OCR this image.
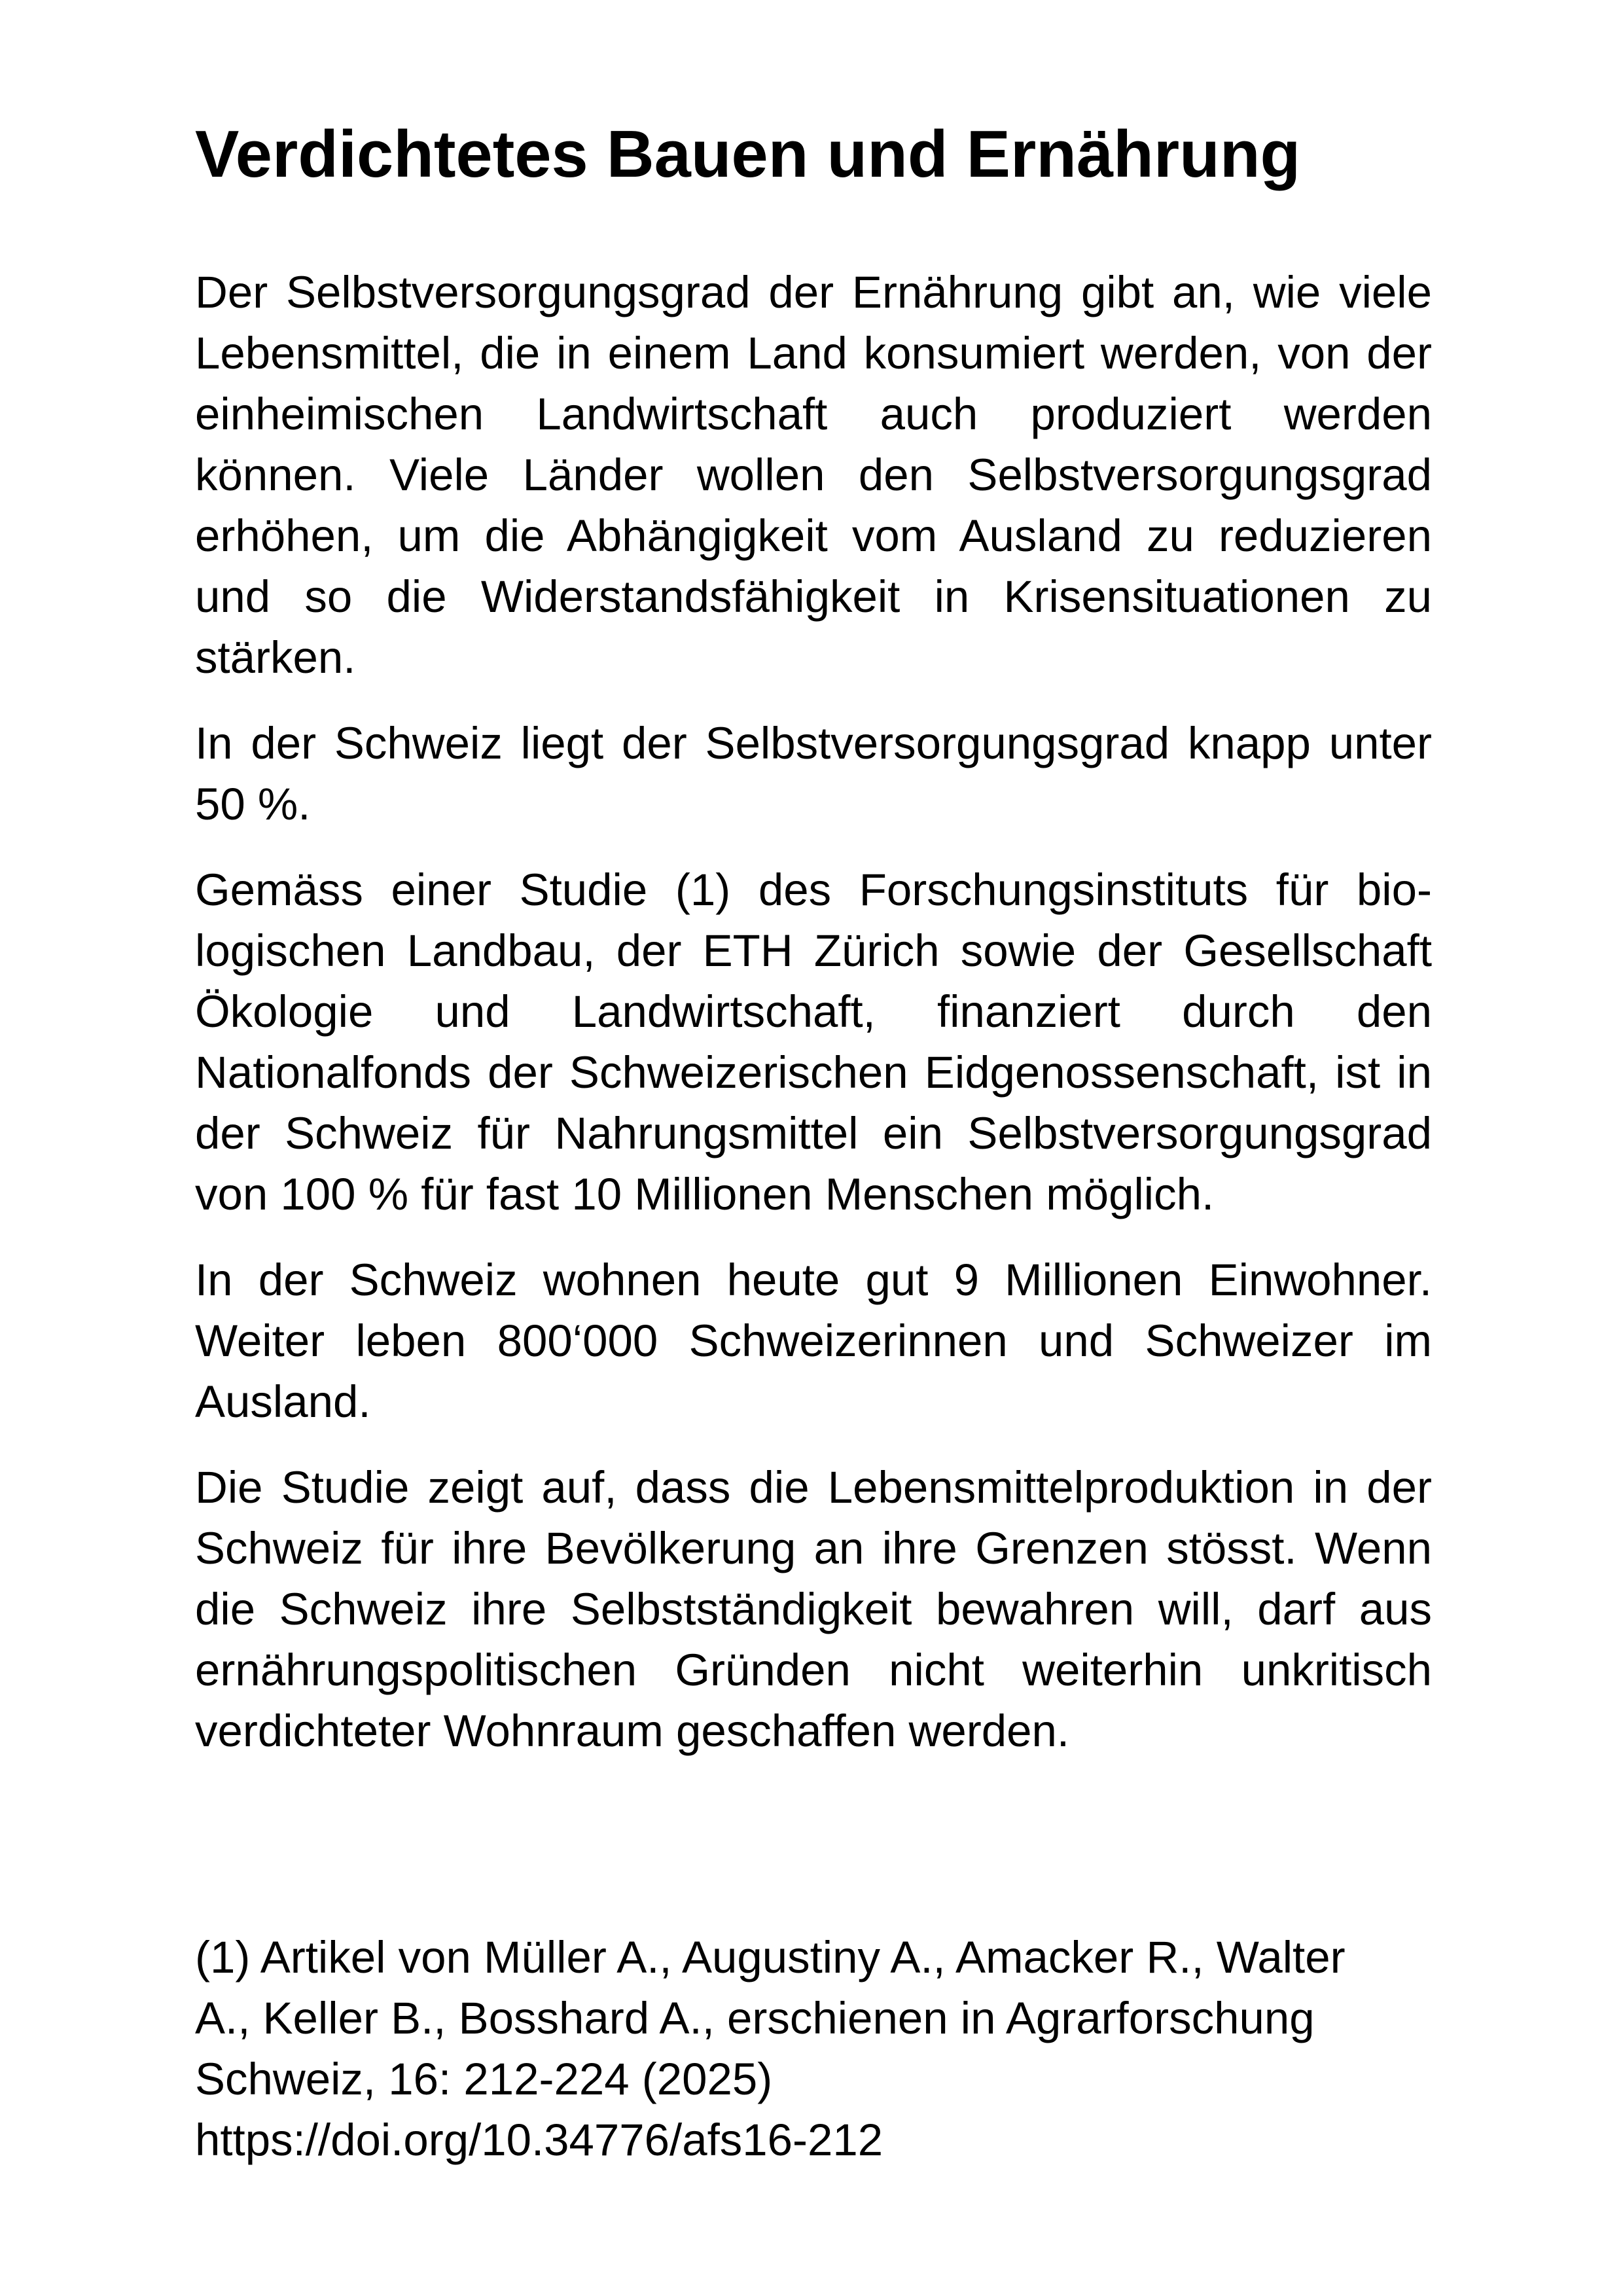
Verdichtetes Bauen und Ernährung

Der Selbstversorgungsgrad der Ernährung gibt an, wie viele Lebensmittel, die in einem Land konsumiert werden, von der einheimischen Landwirtschaft auch produziert werden können. Viele Länder wollen den Selbstversorgungsgrad erhöhen, um die Abhängigkeit vom Ausland zu reduzieren und so die Widerstandsfähigkeit in Krisensituationen zu stärken.

In der Schweiz liegt der Selbstversorgungsgrad knapp unter 50 %.

Gemäss einer Studie (1) des Forschungsinstituts für biologischen Landbau, der ETH Zürich sowie der Gesellschaft Ökologie und Landwirtschaft, finanziert durch den Nationalfonds der Schweizerischen Eidgenossenschaft, ist in der Schweiz für Nahrungsmittel ein Selbstversorgungsgrad von 100 % für fast 10 Millionen Menschen möglich.

In der Schweiz wohnen heute gut 9 Millionen Einwohner. Weiter leben 800‘000 Schweizerinnen und Schweizer im Ausland.

Die Studie zeigt auf, dass die Lebensmittelproduktion in der Schweiz für ihre Bevölkerung an ihre Grenzen stösst. Wenn die Schweiz ihre Selbstständigkeit bewahren will, darf aus ernährungspolitischen Gründen nicht weiterhin unkritisch verdichteter Wohnraum geschaffen werden.

(1) Artikel von Müller A., Augustiny A., Amacker R., Walter
A., Keller B., Bosshard A., erschienen in Agrarforschung
Schweiz, 16: 212-224 (2025)
https://doi.org/10.34776/afs16-212
